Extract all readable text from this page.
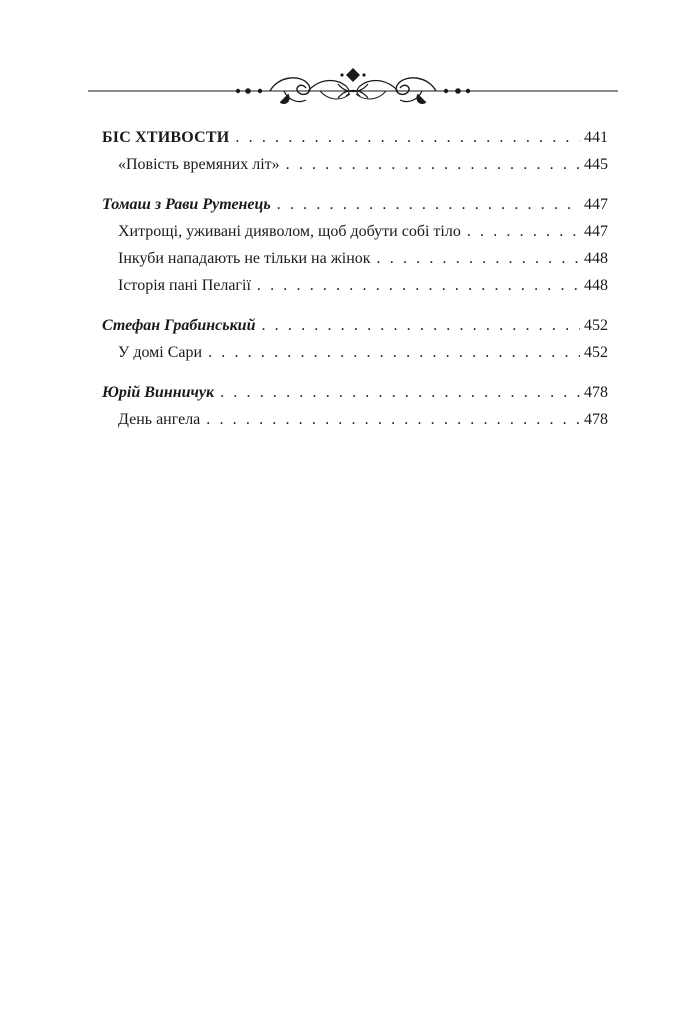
БІС ХТИВОСТИ . . .	441
«Повість времяних літ» . . .	445
Томаш з Рави Рутенець . . .	447
Хитрощі, уживані дияволом, щоб добути собі тіло . . .	447
Інкуби нападають не тільки на жінок . . .	448
Історія пані Пелагії . . .	448
Стефан Грабинський . . .	452
У домі Сари . . .	452
Юрій Винничук . . .	478
День ангела . . .	478
